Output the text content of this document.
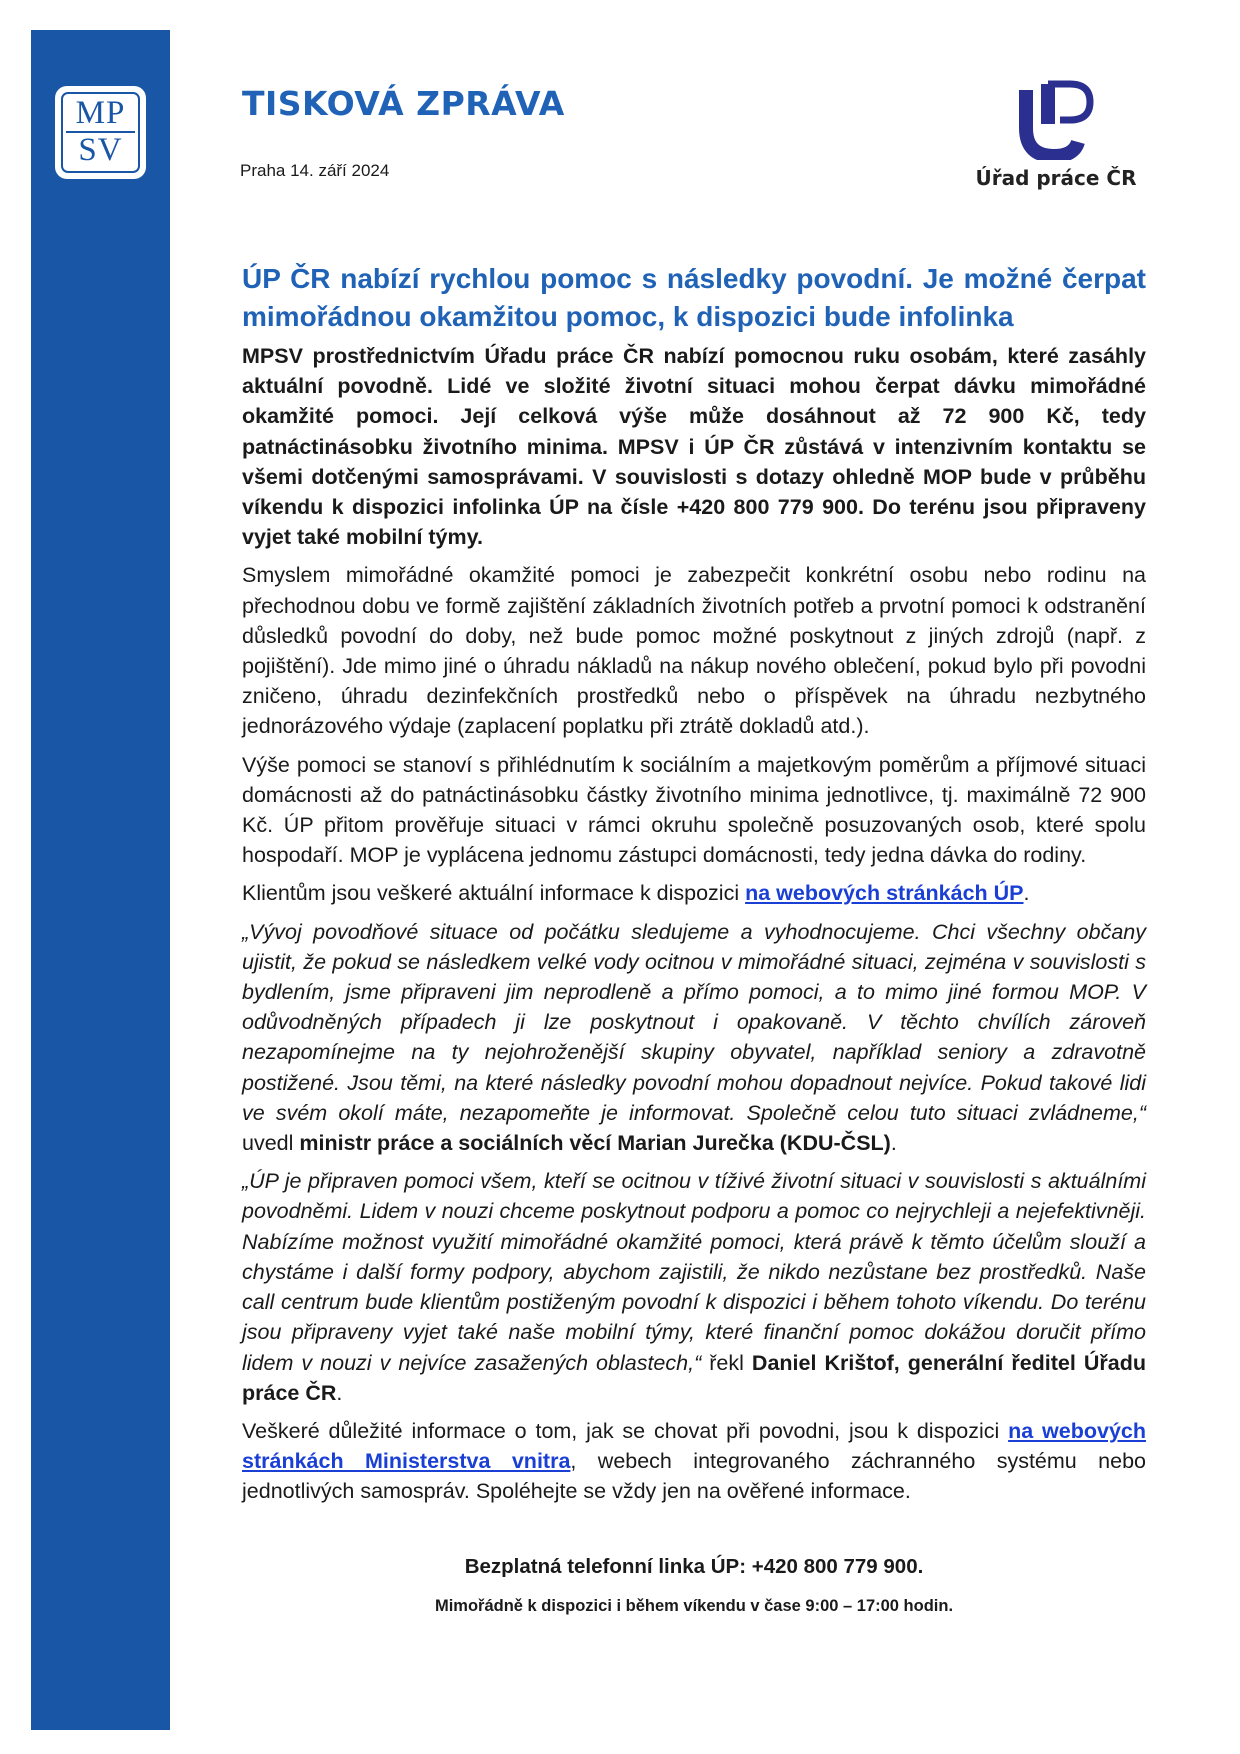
MP
SV
TISKOVÁ ZPRÁVA
Praha 14. září 2024	Úřad práce ČR
ÚP ČR nabízí rychlou pomoc s následky povodní. Je možné čerpat mimořádnou okamžitou pomoc, k dispozici bude infolinka

MPSV prostřednictvím Úřadu práce ČR nabízí pomocnou ruku osobám, které zasáhly aktuální povodně. Lidé ve složité životní situaci mohou čerpat dávku mimořádné okamžité pomoci. Její celková výše může dosáhnout až 72 900 Kč, tedy patnáctinásobku životního minima. MPSV i ÚP ČR zůstává v intenzivním kontaktu se všemi dotčenými samosprávami. V souvislosti s dotazy ohledně MOP bude v průběhu víkendu k dispozici infolinka ÚP na čísle +420 800 779 900. Do terénu jsou připraveny vyjet také mobilní týmy.

Smyslem mimořádné okamžité pomoci je zabezpečit konkrétní osobu nebo rodinu na přechodnou dobu ve formě zajištění základních životních potřeb a prvotní pomoci k odstranění důsledků povodní do doby, než bude pomoc možné poskytnout z jiných zdrojů (např. z pojištění). Jde mimo jiné o úhradu nákladů na nákup nového oblečení, pokud bylo při povodni zničeno, úhradu dezinfekčních prostředků nebo o příspěvek na úhradu nezbytného jednorázového výdaje (zaplacení poplatku při ztrátě dokladů atd.).

Výše pomoci se stanoví s přihlédnutím k sociálním a majetkovým poměrům a příjmové situaci domácnosti až do patnáctinásobku částky životního minima jednotlivce, tj. maximálně 72 900 Kč. ÚP přitom prověřuje situaci v rámci okruhu společně posuzovaných osob, které spolu hospodaří. MOP je vyplácena jednomu zástupci domácnosti, tedy jedna dávka do rodiny.

Klientům jsou veškeré aktuální informace k dispozici na webových stránkách ÚP.

„Vývoj povodňové situace od počátku sledujeme a vyhodnocujeme. Chci všechny občany ujistit, že pokud se následkem velké vody ocitnou v mimořádné situaci, zejména v souvislosti s bydlením, jsme připraveni jim neprodleně a přímo pomoci, a to mimo jiné formou MOP. V odůvodněných případech ji lze poskytnout i opakovaně. V těchto chvílích zároveň nezapomínejme na ty nejohroženější skupiny obyvatel, například seniory a zdravotně postižené. Jsou těmi, na které následky povodní mohou dopadnout nejvíce. Pokud takové lidi ve svém okolí máte, nezapomeňte je informovat. Společně celou tuto situaci zvládneme,“ uvedl ministr práce a sociálních věcí Marian Jurečka (KDU-ČSL).

„ÚP je připraven pomoci všem, kteří se ocitnou v tíživé životní situaci v souvislosti s aktuálními povodněmi. Lidem v nouzi chceme poskytnout podporu a pomoc co nejrychleji a nejefektivněji. Nabízíme možnost využití mimořádné okamžité pomoci, která právě k těmto účelům slouží a chystáme i další formy podpory, abychom zajistili, že nikdo nezůstane bez prostředků. Naše call centrum bude klientům postiženým povodní k dispozici i během tohoto víkendu. Do terénu jsou připraveny vyjet také naše mobilní týmy, které finanční pomoc dokážou doručit přímo lidem v nouzi v nejvíce zasažených oblastech,“ řekl Daniel Krištof, generální ředitel Úřadu práce ČR.

Veškeré důležité informace o tom, jak se chovat při povodni, jsou k dispozici na webových stránkách Ministerstva vnitra, webech integrovaného záchranného systému nebo jednotlivých samospráv. Spoléhejte se vždy jen na ověřené informace.

Bezplatná telefonní linka ÚP: +420 800 779 900.
Mimořádně k dispozici i během víkendu v čase 9:00 – 17:00 hodin.
